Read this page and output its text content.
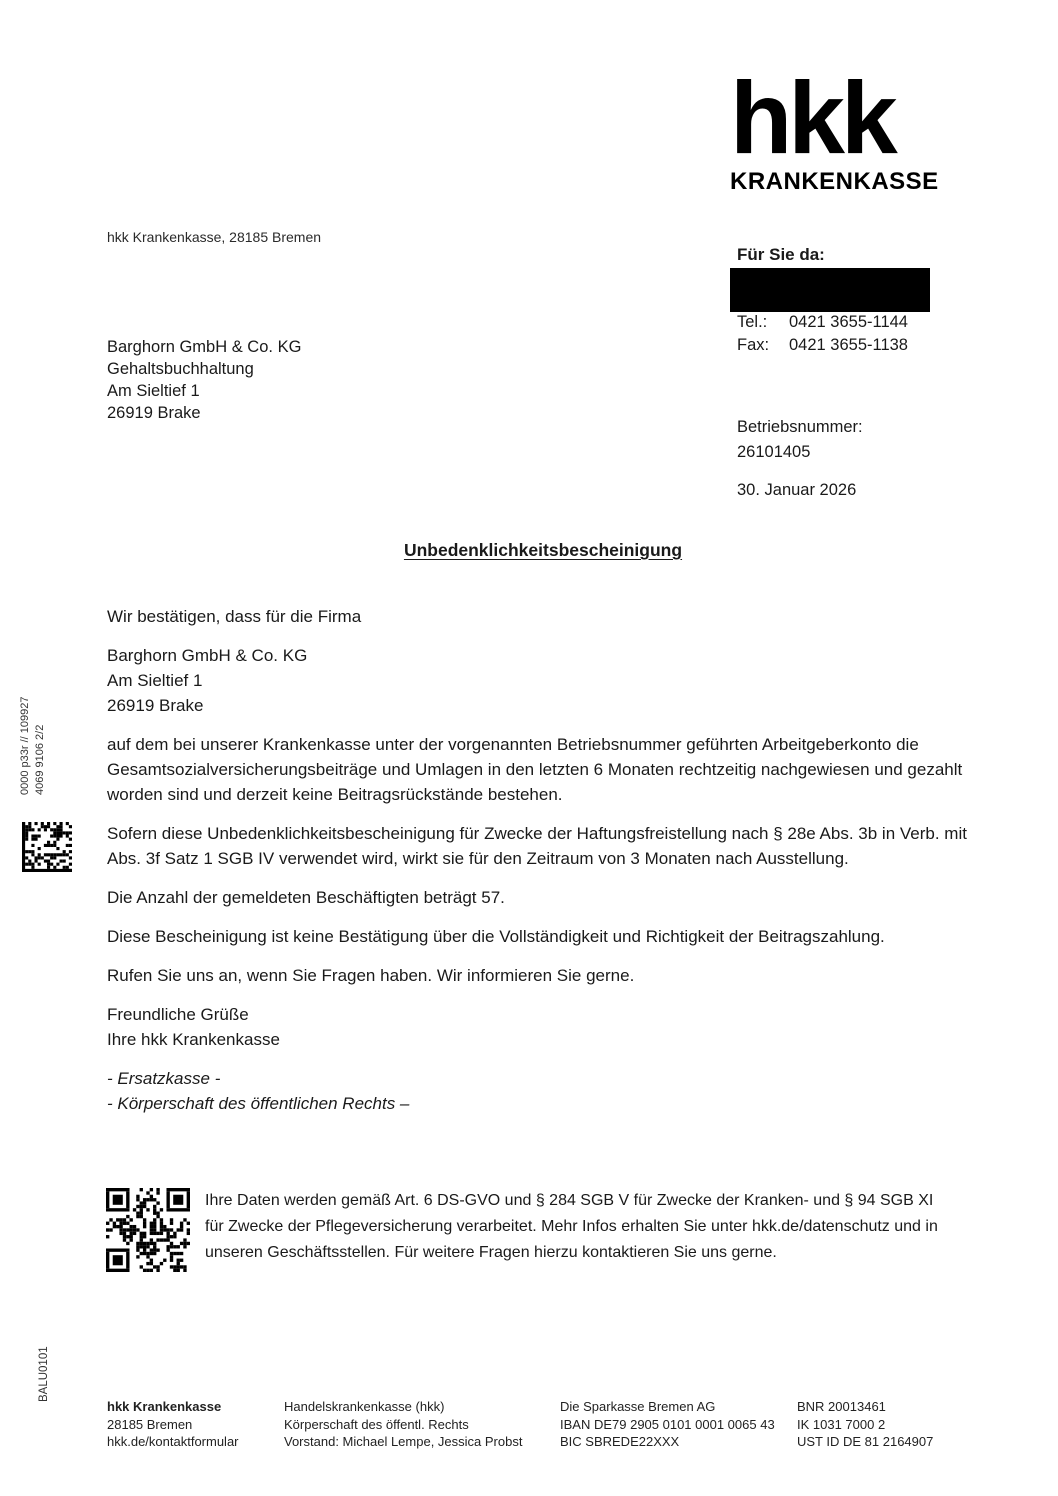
hkk
KRANKENKASSE
hkk Krankenkasse, 28185 Bremen
Barghorn GmbH & Co. KG
Gehaltsbuchhaltung
Am Sieltief 1
26919 Brake
Für Sie da:
Tel.: 0421 3655-1144
Fax: 0421 3655-1138
Betriebsnummer:
26101405
30. Januar 2026
Unbedenklichkeitsbescheinigung

Wir bestätigen, dass für die Firma

Barghorn GmbH & Co. KG

Am Sieltief 1

26919 Brake

auf dem bei unserer Krankenkasse unter der vorgenannten Betriebsnummer geführten Arbeitgeberkonto die Gesamtsozialversicherungsbeiträge und Umlagen in den letzten 6 Monaten rechtzeitig nachgewiesen und gezahlt worden sind und derzeit keine Beitragsrückstände bestehen.

Sofern diese Unbedenklichkeitsbescheinigung für Zwecke der Haftungsfreistellung nach § 28e Abs. 3b in Verb. mit Abs. 3f Satz 1 SGB IV verwendet wird, wirkt sie für den Zeitraum von 3 Monaten nach Ausstellung.

Die Anzahl der gemeldeten Beschäftigten beträgt 57.

Diese Bescheinigung ist keine Bestätigung über die Vollständigkeit und Richtigkeit der Beitragszahlung.

Rufen Sie uns an, wenn Sie Fragen haben. Wir informieren Sie gerne.

Freundliche Grüße

Ihre hkk Krankenkasse

- Ersatzkasse -

- Körperschaft des öffentlichen Rechts –

Ihre Daten werden gemäß Art. 6 DS-GVO und § 284 SGB V für Zwecke der Kranken- und § 94 SGB XI für Zwecke der Pflegeversicherung verarbeitet. Mehr Infos erhalten Sie unter hkk.de/datenschutz und in unseren Geschäftsstellen. Für weitere Fragen hierzu kontaktieren Sie uns gerne.
0000 p33r // 109927 4069 9106 2/2
BALU0101
hkk Krankenkasse
28185 Bremen
hkk.de/kontaktformular
Handelskrankenkasse (hkk)
Körperschaft des öffentl. Rechts
Vorstand: Michael Lempe, Jessica Probst
Die Sparkasse Bremen AG
IBAN DE79 2905 0101 0001 0065 43
BIC SBREDE22XXX
BNR 20013461
IK 1031 7000 2
UST ID DE 81 2164907
